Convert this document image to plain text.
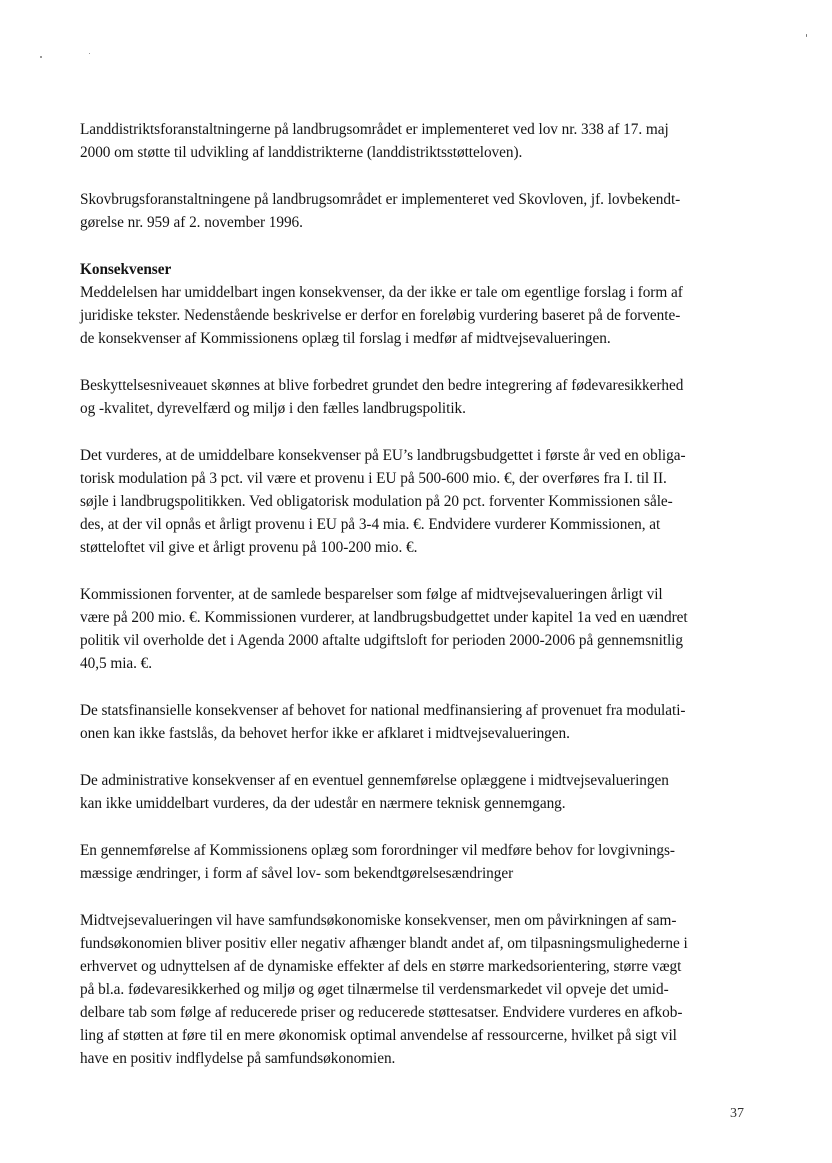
Landdistriktsforanstaltningerne på landbrugsområdet er implementeret ved lov nr. 338 af 17. maj
2000 om støtte til udvikling af landdistrikterne (landdistriktsstøtteloven).

Skovbrugsforanstaltningene på landbrugsområdet er implementeret ved Skovloven, jf. lovbekendt-
gørelse nr. 959 af 2. november 1996.

Konsekvenser
Meddelelsen har umiddelbart ingen konsekvenser, da der ikke er tale om egentlige forslag i form af
juridiske tekster. Nedenstående beskrivelse er derfor en foreløbig vurdering baseret på de forvente-
de konsekvenser af Kommissionens oplæg til forslag i medfør af midtvejsevalueringen.

Beskyttelsesniveauet skønnes at blive forbedret grundet den bedre integrering af fødevaresikkerhed
og -kvalitet, dyrevelfærd og miljø i den fælles landbrugspolitik.

Det vurderes, at de umiddelbare konsekvenser på EU’s landbrugsbudgettet i første år ved en obliga-
torisk modulation på 3 pct. vil være et provenu i EU på 500-600 mio. €, der overføres fra I. til II.
søjle i landbrugspolitikken. Ved obligatorisk modulation på 20 pct. forventer Kommissionen såle-
des, at der vil opnås et årligt provenu i EU på 3-4 mia. €. Endvidere vurderer Kommissionen, at
støtteloftet vil give et årligt provenu på 100-200 mio. €.

Kommissionen forventer, at de samlede besparelser som følge af midtvejsevalueringen årligt vil
være på 200 mio. €. Kommissionen vurderer, at landbrugsbudgettet under kapitel 1a ved en uændret
politik vil overholde det i Agenda 2000 aftalte udgiftsloft for perioden 2000-2006 på gennemsnitlig
40,5 mia. €.

De statsfinansielle konsekvenser af behovet for national medfinansiering af provenuet fra modulati-
onen kan ikke fastslås, da behovet herfor ikke er afklaret i midtvejsevalueringen.

De administrative konsekvenser af en eventuel gennemførelse oplæggene i midtvejsevalueringen
kan ikke umiddelbart vurderes, da der udestår en nærmere teknisk gennemgang.

En gennemførelse af Kommissionens oplæg som forordninger vil medføre behov for lovgivnings-
mæssige ændringer, i form af såvel lov- som bekendtgørelsesændringer

Midtvejsevalueringen vil have samfundsøkonomiske konsekvenser, men om påvirkningen af sam-
fundsøkonomien bliver positiv eller negativ afhænger blandt andet af, om tilpasningsmulighederne i
erhvervet og udnyttelsen af de dynamiske effekter af dels en større markedsorientering, større vægt
på bl.a. fødevaresikkerhed og miljø og øget tilnærmelse til verdensmarkedet vil opveje det umid-
delbare tab som følge af reducerede priser og reducerede støttesatser. Endvidere vurderes en afkob-
ling af støtten at føre til en mere økonomisk optimal anvendelse af ressourcerne, hvilket på sigt vil
have en positiv indflydelse på samfundsøkonomien.

37
